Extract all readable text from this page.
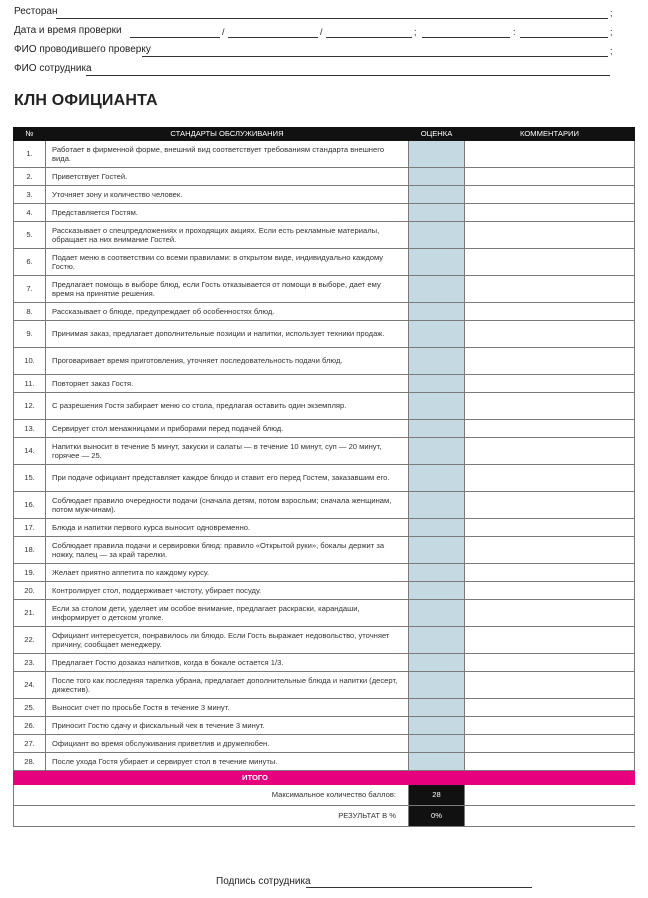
Ресторан	;
Дата и время проверки	/	/	;	:	;
ФИО проводившего проверку	;
ФИО сотрудника
КЛН ОФИЦИАНТА
№	СТАНДАРТЫ ОБСЛУЖИВАНИЯ	ОЦЕНКА	КОММЕНТАРИИ
1.	Работает в фирменной форме, внешний вид соответствует требованиям стандарта внешнего вида.		
2.	Приветствует Гостей.		
3.	Уточняет зону и количество человек.		
4.	Представляется Гостям.		
5.	Рассказывает о спецпредложениях и проходящих акциях. Если есть рекламные материалы, обращает на них внимание Гостей.		
6.	Подает меню в соответствии со всеми правилами: в открытом виде, индивидуально каждому Гостю.		
7.	Предлагает помощь в выборе блюд, если Гость отказывается от помощи в выборе, дает ему время на принятие решения.		
8.	Рассказывает о блюде, предупреждает об особенностях блюд.		
9.	Принимая заказ, предлагает дополнительные позиции и напитки, использует техники продаж.		
10.	Проговаривает время приготовления, уточняет последовательность подачи блюд.		
11.	Повторяет заказ Гостя.		
12.	С разрешения Гостя забирает меню со стола, предлагая оставить один экземпляр.		
13.	Сервирует стол менажницами и приборами перед подачей блюд.		
14.	Напитки выносит в течение 5 минут, закуски и салаты — в течение 10 минут, суп — 20 минут, горячее — 25.		
15.	При подаче официант представляет каждое блюдо и ставит его перед Гостем, заказавшим его.		
16.	Соблюдает правило очередности подачи (сначала детям, потом взрослым; сначала женщинам, потом мужчинам).		
17.	Блюда и напитки первого курса выносит одновременно.		
18.	Соблюдает правила подачи и сервировки блюд: правило «Открытой руки», бокалы держит за ножку, палец — за край тарелки.		
19.	Желает приятно аппетита по каждому курсу.		
20.	Контролирует стол, поддерживает чистоту, убирает посуду.		
21.	Если за столом дети, уделяет им особое внимание, предлагает раскраски, карандаши, информирует о детском уголке.		
22.	Официант интересуется, понравилось ли блюдо. Если Гость выражает недовольство, уточняет причину, сообщает менеджеру.		
23.	Предлагает Гостю дозаказ напитков, когда в бокале остается 1/3.		
24.	После того как последняя тарелка убрана, предлагает дополнительные блюда и напитки (десерт, дижестив).		
25.	Выносит счет по просьбе Гостя в течение 3 минут.		
26.	Приносит Гостю сдачу и фискальный чек в течение 3 минут.		
27.	Официант во время обслуживания приветлив и дружелюбен.		
28.	После ухода Гостя убирает и сервирует стол в течение минуты.		
	ИТОГО		
Максимальное количество баллов:		28	
РЕЗУЛЬТАТ В %		0%	
Подпись сотрудника
